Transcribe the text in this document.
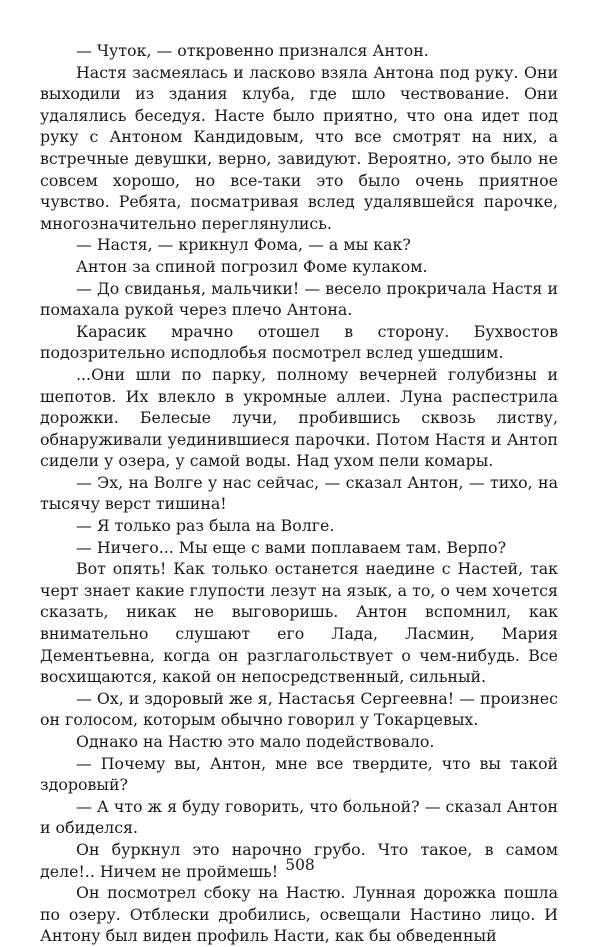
— Чуток, — откровенно признался Антон.

Настя засмеялась и ласково взяла Антона под руку. Они выходили из здания клуба, где шло чествование. Они удалялись беседуя. Насте было приятно, что она идет под руку с Антоном Кандидовым, что все смотрят на них, а встречные девушки, верно, завидуют. Вероятно, это было не совсем хорошо, но все-таки это было очень приятное чувство. Ребята, посматривая вслед удалявшейся парочке, многозначительно переглянулись.

— Настя, — крикнул Фома, — а мы как?

Антон за спиной погрозил Фоме кулаком.

— До свиданья, мальчики! — весело прокричала Настя и помахала рукой через плечо Антона.

Карасик мрачно отошел в сторону. Бухвостов подозрительно исподлобья посмотрел вслед ушедшим.

...Они шли по парку, полному вечерней голубизны и шепотов. Их влекло в укромные аллеи. Луна распестрила дорожки. Белесые лучи, пробившись сквозь листву, обнаруживали уединившиеся парочки. Потом Настя и Антоп сидели у озера, у самой воды. Над ухом пели комары.

— Эх, на Волге у нас сейчас, — сказал Антон, — тихо, на тысячу верст тишина!

— Я только раз была на Волге.

— Ничего... Мы еще с вами поплаваем там. Верпо?

Вот опять! Как только останется наедине с Настей, так черт знает какие глупости лезут на язык, а то, о чем хочется сказать, никак не выговоришь. Антон вспомнил, как внимательно слушают его Лада, Ласмин, Мария Дементьевна, когда он разглагольствует о чем-нибудь. Все восхищаются, какой он непосредственный, сильный.

— Ох, и здоровый же я, Настасья Сергеевна! — произнес он голосом, которым обычно говорил у Токарцевых.

Однако на Настю это мало подействовало.

— Почему вы, Антон, мне все твердите, что вы такой здоровый?

— А что ж я буду говорить, что больной? — сказал Антон и обиделся.

Он буркнул это нарочно грубо. Что такое, в самом деле!.. Ничем не проймешь!

Он посмотрел сбоку на Настю. Лунная дорожка пошла по озеру. Отблески дробились, освещали Настино лицо. И Антону был виден профиль Насти, как бы обведенный

508
